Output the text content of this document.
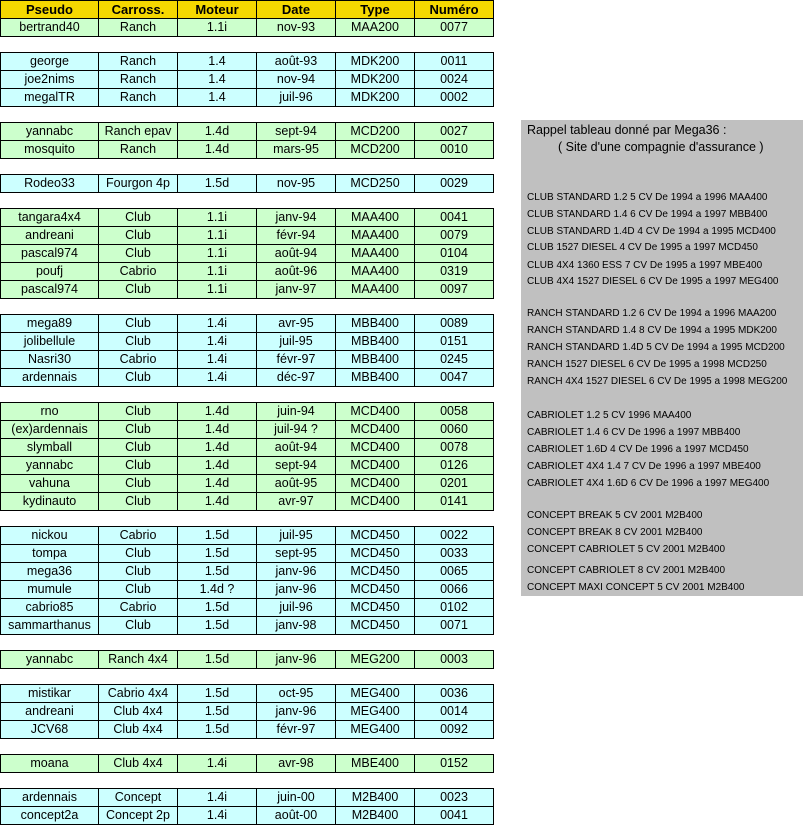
Pseudo	Carross.	Moteur	Date	Type	Numéro
bertrand40	Ranch	1.1i	nov-93	MAA200	0077

george	Ranch	1.4	août-93	MDK200	0011
joe2nims	Ranch	1.4	nov-94	MDK200	0024
megalTR	Ranch	1.4	juil-96	MDK200	0002

yannabc	Ranch epav	1.4d	sept-94	MCD200	0027
mosquito	Ranch	1.4d	mars-95	MCD200	0010

Rodeo33	Fourgon 4p	1.5d	nov-95	MCD250	0029

tangara4x4	Club	1.1i	janv-94	MAA400	0041
andreani	Club	1.1i	févr-94	MAA400	0079
pascal974	Club	1.1i	août-94	MAA400	0104
poufj	Cabrio	1.1i	août-96	MAA400	0319
pascal974	Club	1.1i	janv-97	MAA400	0097

mega89	Club	1.4i	avr-95	MBB400	0089
jolibellule	Club	1.4i	juil-95	MBB400	0151
Nasri30	Cabrio	1.4i	févr-97	MBB400	0245
ardennais	Club	1.4i	déc-97	MBB400	0047

rno	Club	1.4d	juin-94	MCD400	0058
(ex)ardennais	Club	1.4d	juil-94 ?	MCD400	0060
slymball	Club	1.4d	août-94	MCD400	0078
yannabc	Club	1.4d	sept-94	MCD400	0126
vahuna	Club	1.4d	août-95	MCD400	0201
kydinauto	Club	1.4d	avr-97	MCD400	0141

nickou	Cabrio	1.5d	juil-95	MCD450	0022
tompa	Club	1.5d	sept-95	MCD450	0033
mega36	Club	1.5d	janv-96	MCD450	0065
mumule	Club	1.4d ?	janv-96	MCD450	0066
cabrio85	Cabrio	1.5d	juil-96	MCD450	0102
sammarthanus	Club	1.5d	janv-98	MCD450	0071

yannabc	Ranch 4x4	1.5d	janv-96	MEG200	0003

mistikar	Cabrio 4x4	1.5d	oct-95	MEG400	0036
andreani	Club 4x4	1.5d	janv-96	MEG400	0014
JCV68	Club 4x4	1.5d	févr-97	MEG400	0092

moana	Club 4x4	1.4i	avr-98	MBE400	0152

ardennais	Concept	1.4i	juin-00	M2B400	0023
concept2a	Concept 2p	1.4i	août-00	M2B400	0041
Rappel tableau donné par Mega36 :
( Site d'une compagnie d'assurance )
CLUB STANDARD 1.2 5 CV De 1994 a 1996 MAA400
CLUB STANDARD 1.4 6 CV De 1994 a 1997 MBB400
CLUB STANDARD 1.4D 4 CV De 1994 a 1995 MCD400
CLUB 1527 DIESEL 4 CV De 1995 a 1997 MCD450
CLUB 4X4 1360 ESS 7 CV De 1995 a 1997 MBE400
CLUB 4X4 1527 DIESEL 6 CV De 1995 a 1997 MEG400
RANCH STANDARD 1.2 6 CV De 1994 a 1996 MAA200
RANCH STANDARD 1.4 8 CV De 1994 a 1995 MDK200
RANCH STANDARD 1.4D 5 CV De 1994 a 1995 MCD200
RANCH 1527 DIESEL 6 CV De 1995 a 1998 MCD250
RANCH 4X4 1527 DIESEL 6 CV De 1995 a 1998 MEG200
CABRIOLET 1.2 5 CV 1996 MAA400
CABRIOLET 1.4 6 CV De 1996 a 1997 MBB400
CABRIOLET 1.6D 4 CV De 1996 a 1997 MCD450
CABRIOLET 4X4 1.4 7 CV De 1996 a 1997 MBE400
CABRIOLET 4X4 1.6D 6 CV De 1996 a 1997 MEG400
CONCEPT BREAK 5 CV 2001 M2B400
CONCEPT BREAK 8 CV 2001 M2B400
CONCEPT CABRIOLET 5 CV 2001 M2B400
CONCEPT CABRIOLET 8 CV 2001 M2B400
CONCEPT MAXI CONCEPT 5 CV 2001 M2B400
